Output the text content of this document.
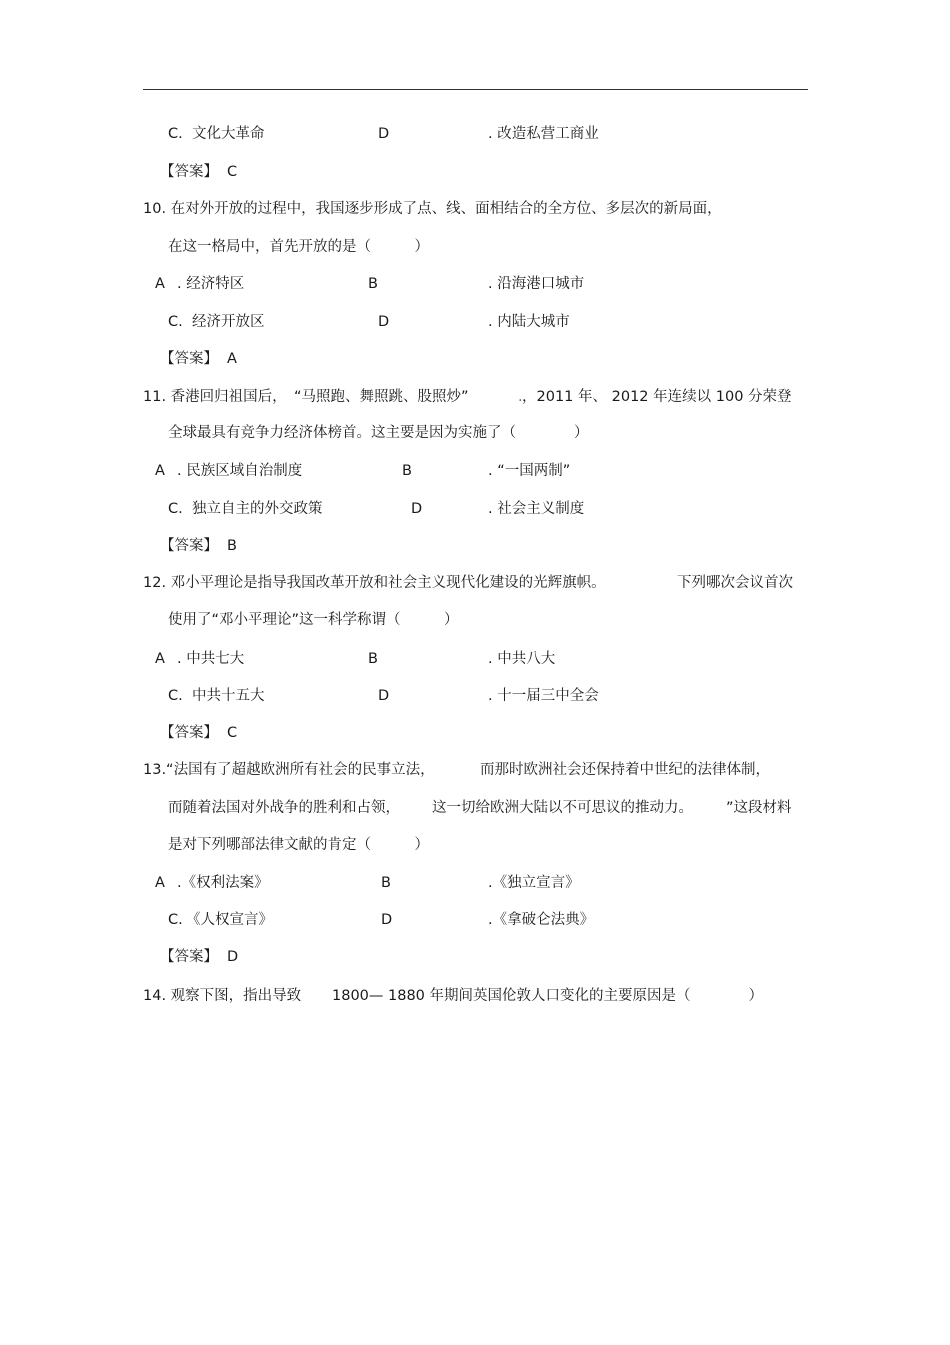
C. 文化大革命	D	. 改造私营工商业
【答案】 C
10. 在对外开放的过程中，我国逐步形成了点、线、面相结合的全方位、多层次的新局面，
在这一格局中，首先开放的是（　　　）
A . 经济特区	B	. 沿海港口城市
C. 经济开放区	D	. 内陆大城市
【答案】 A
11. 香港回归祖国后， “马照跑、舞照跳、股照炒”	. ，2011 年、 2012 年连续以 100 分荣登
全球最具有竞争力经济体榜首。这主要是因为实施了（　　　　）
A . 民族区域自治制度	B	. “一国两制”
C. 独立自主的外交政策	D	. 社会主义制度
【答案】 B
12. 邓小平理论是指导我国改革开放和社会主义现代化建设的光辉旗帜。	下列哪次会议首次
使用了“邓小平理论”这一科学称谓（　　　）
A . 中共七大	B	. 中共八大
C. 中共十五大	D	. 十一届三中全会
【答案】 C
13.“法国有了超越欧洲所有社会的民事立法，	而那时欧洲社会还保持着中世纪的法律体制，
而随着法国对外战争的胜利和占领， 这一切给欧洲大陆以不可思议的推动力。 ”这段材料
是对下列哪部法律文献的肯定（　　　）
A .《权利法案》	B	.《独立宣言》
C. 《人权宣言》	D	.《拿破仑法典》
【答案】 D
14. 观察下图，指出导致 1800— 1880 年期间英国伦敦人口变化的主要原因是（　　　　）
